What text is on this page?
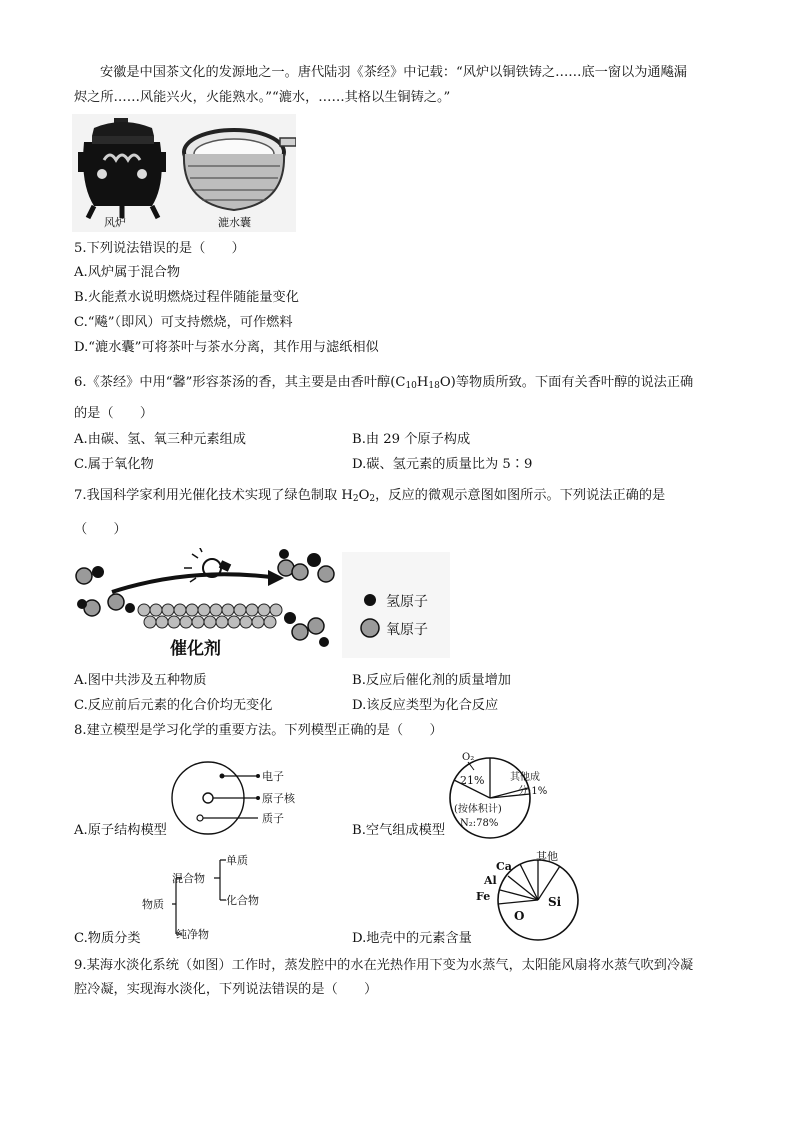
安徽是中国茶文化的发源地之一。唐代陆羽《茶经》中记载：“风炉以铜铁铸之……底一窗以为通飚漏
烬之所……风能兴火，火能熟水。”“漉水，……其格以生铜铸之。”
风炉	漉水囊
5.下列说法错误的是（　　）
A.风炉属于混合物
B.火能煮水说明燃烧过程伴随能量变化
C.“飚”（即风）可支持燃烧，可作燃料
D.“漉水囊”可将茶叶与茶水分离，其作用与滤纸相似
6.《茶经》中用“馨”形容茶汤的香，其主要是由香叶醇$(C_{10}H_{18}O)$等物质所致。下面有关香叶醇的说法正确
的是（　　）
A.由碳、氢、氧三种元素组成	B.由 29 个原子构成
C.属于氧化物	D.碳、氢元素的质量比为 5∶9
7.我国科学家利用光催化技术实现了绿色制取 $H_2O_2$，反应的微观示意图如图所示。下列说法正确的是
（　　）
催化剂
氢原子
氧原子
A.图中共涉及五种物质	B.反应后催化剂的质量增加
C.反应前后元素的化合价均无变化	D.该反应类型为化合反应
8.建立模型是学习化学的重要方法。下列模型正确的是（　　）
电子
原子核
质子
A.原子结构模型
O₂
21%	其他成
分:1%
(按体积计)
N₂:78%
B.空气组成模型
物质
混合物
纯净物
单质
化合物
C.物质分类
其他
Ca
Al
Fe
O
Si
D.地壳中的元素含量
9.某海水淡化系统（如图）工作时，蒸发腔中的水在光热作用下变为水蒸气，太阳能风扇将水蒸气吹到冷凝
腔冷凝，实现海水淡化，下列说法错误的是（　　）
